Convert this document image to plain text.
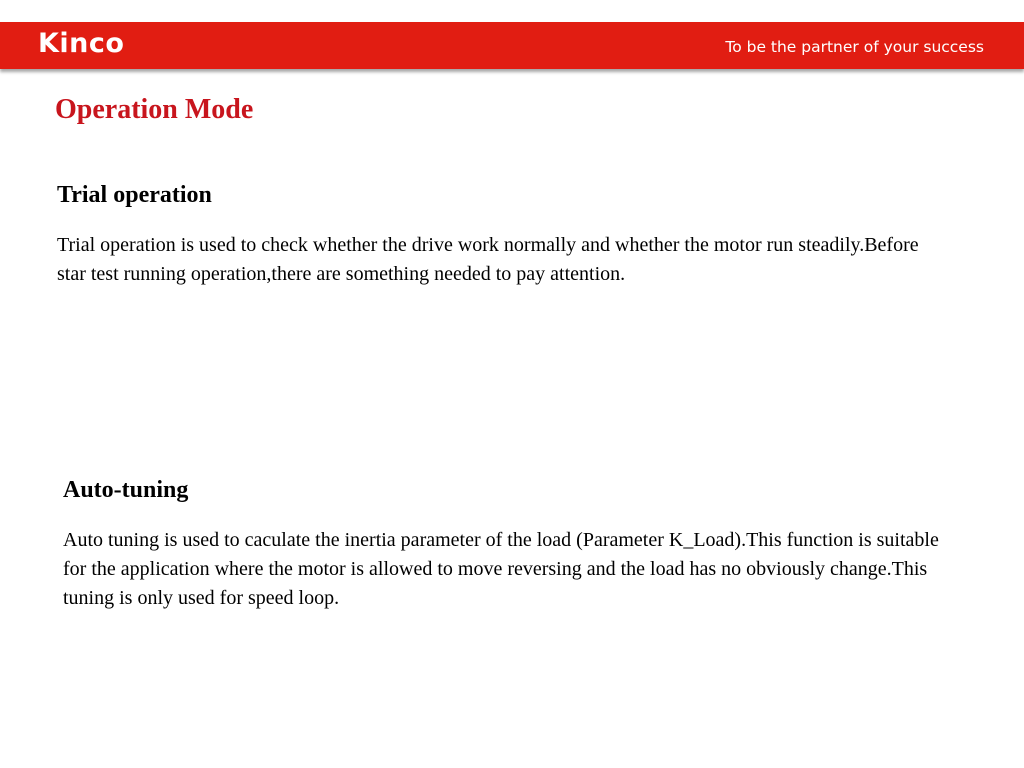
Kinco	To be the partner of your success
Operation Mode
Trial operation

Trial operation is used to check whether the drive work normally and whether the motor run steadily.Before star test running operation,there are something needed to pay attention.

Auto-tuning

Auto tuning is used to caculate the inertia parameter of the load (Parameter K_Load).This function is suitable for the application where the motor is allowed to move reversing and the load has no obviously change.This tuning is only used for speed loop.
